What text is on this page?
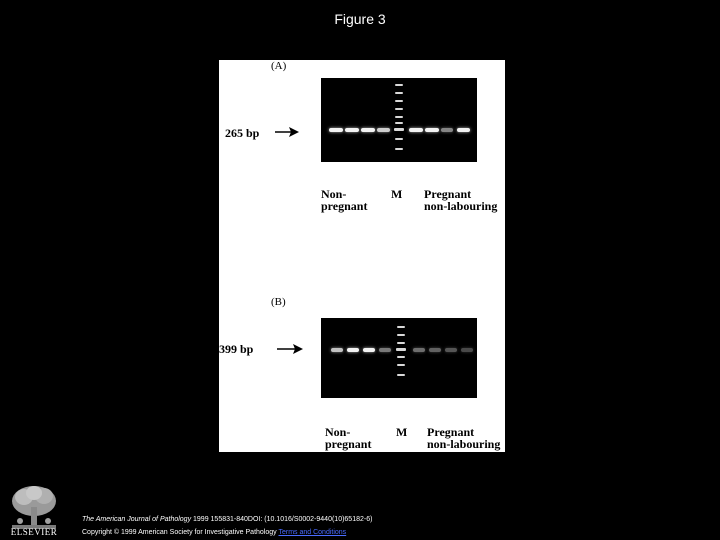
Figure 3
(A)
265 bp
Non-
pregnant
M Pregnant
non-labouring
(B)
399 bp
Non-
pregnant
M Pregnant
non-labouring
ELSEVIER
The American Journal of Pathology 1999 155831-840DOI: (10.1016/S0002-9440(10)65182-6)
Copyright © 1999 American Society for Investigative Pathology Terms and Conditions
